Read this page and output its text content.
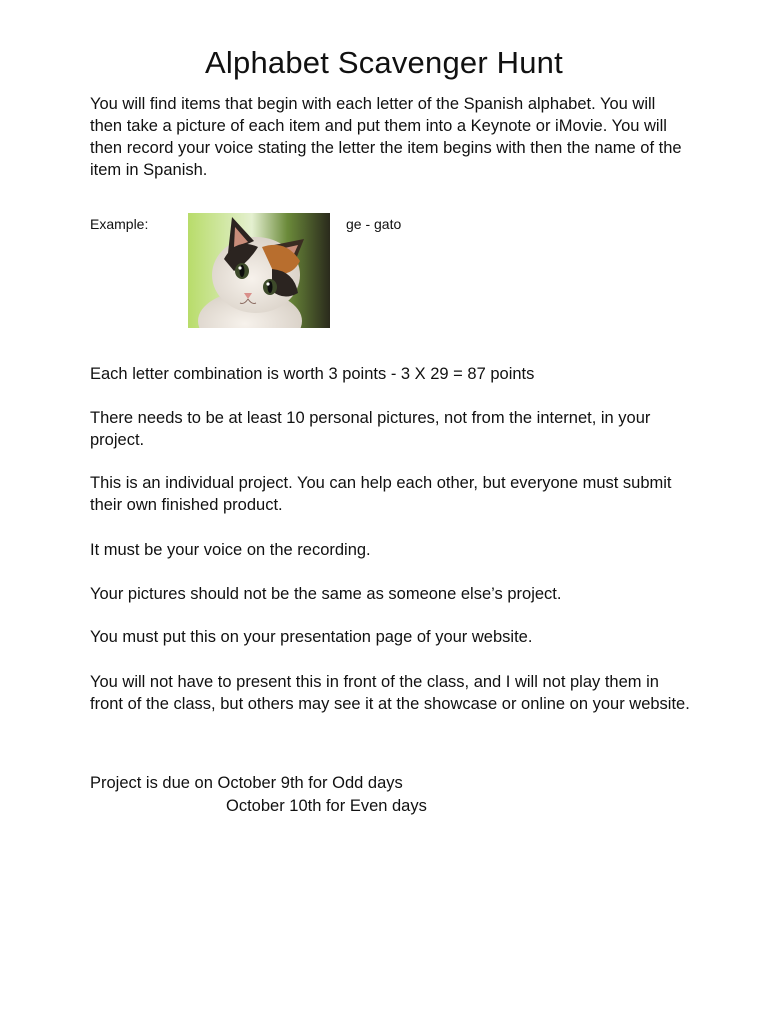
Alphabet Scavenger Hunt

You will find items that begin with each letter of the Spanish alphabet. You will then take a picture of each item and put them into a Keynote or iMovie. You will then record your voice stating the letter the item begins with then the name of the item in Spanish.

Example:	ge - gato

Each letter combination is worth 3 points - 3 X 29 = 87 points

There needs to be at least 10 personal pictures, not from the internet, in your project.

This is an individual project. You can help each other, but everyone must submit their own finished product.

It must be your voice on the recording.

Your pictures should not be the same as someone else’s project.

You must put this on your presentation page of your website.

You will not have to present this in front of the class, and I will not play them in front of the class, but others may see it at the showcase or online on your website.

Project is due on October 9th for Odd days
October 10th for Even days
